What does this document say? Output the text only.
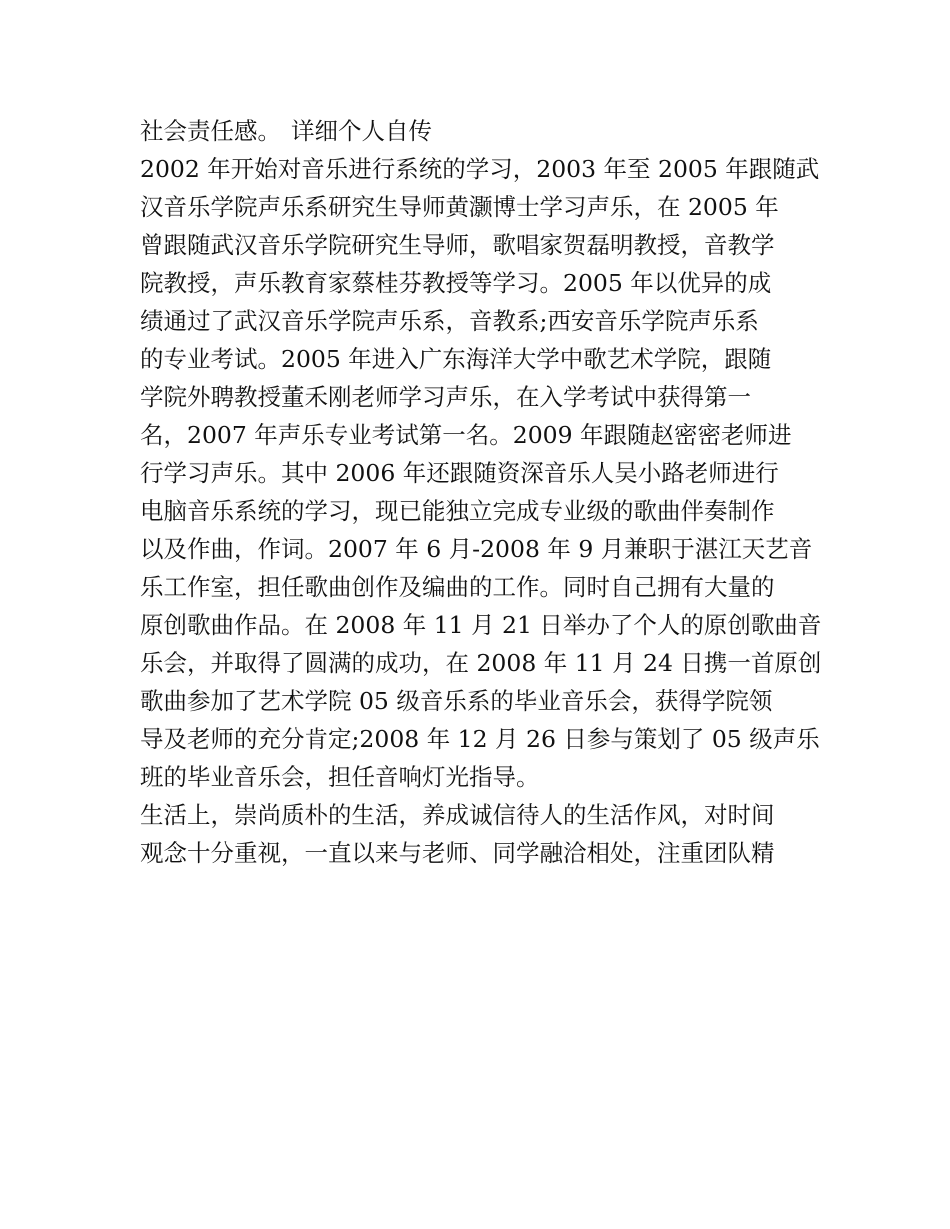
社会责任感。 详细个人自传
2002 年开始对音乐进行系统的学习，2003 年至 2005 年跟随武
汉音乐学院声乐系研究生导师黄灏博士学习声乐，在 2005 年
曾跟随武汉音乐学院研究生导师，歌唱家贺磊明教授，音教学
院教授，声乐教育家蔡桂芬教授等学习。2005 年以优异的成
绩通过了武汉音乐学院声乐系，音教系;西安音乐学院声乐系
的专业考试。2005 年进入广东海洋大学中歌艺术学院，跟随
学院外聘教授董禾刚老师学习声乐，在入学考试中获得第一
名，2007 年声乐专业考试第一名。2009 年跟随赵密密老师进
行学习声乐。其中 2006 年还跟随资深音乐人吴小路老师进行
电脑音乐系统的学习，现已能独立完成专业级的歌曲伴奏制作
以及作曲，作词。2007 年 6 月-2008 年 9 月兼职于湛江天艺音
乐工作室，担任歌曲创作及编曲的工作。同时自己拥有大量的
原创歌曲作品。在 2008 年 11 月 21 日举办了个人的原创歌曲音
乐会，并取得了圆满的成功，在 2008 年 11 月 24 日携一首原创
歌曲参加了艺术学院 05 级音乐系的毕业音乐会，获得学院领
导及老师的充分肯定;2008 年 12 月 26 日参与策划了 05 级声乐
班的毕业音乐会，担任音响灯光指导。
生活上，崇尚质朴的生活，养成诚信待人的生活作风，对时间
观念十分重视，一直以来与老师、同学融洽相处，注重团队精
